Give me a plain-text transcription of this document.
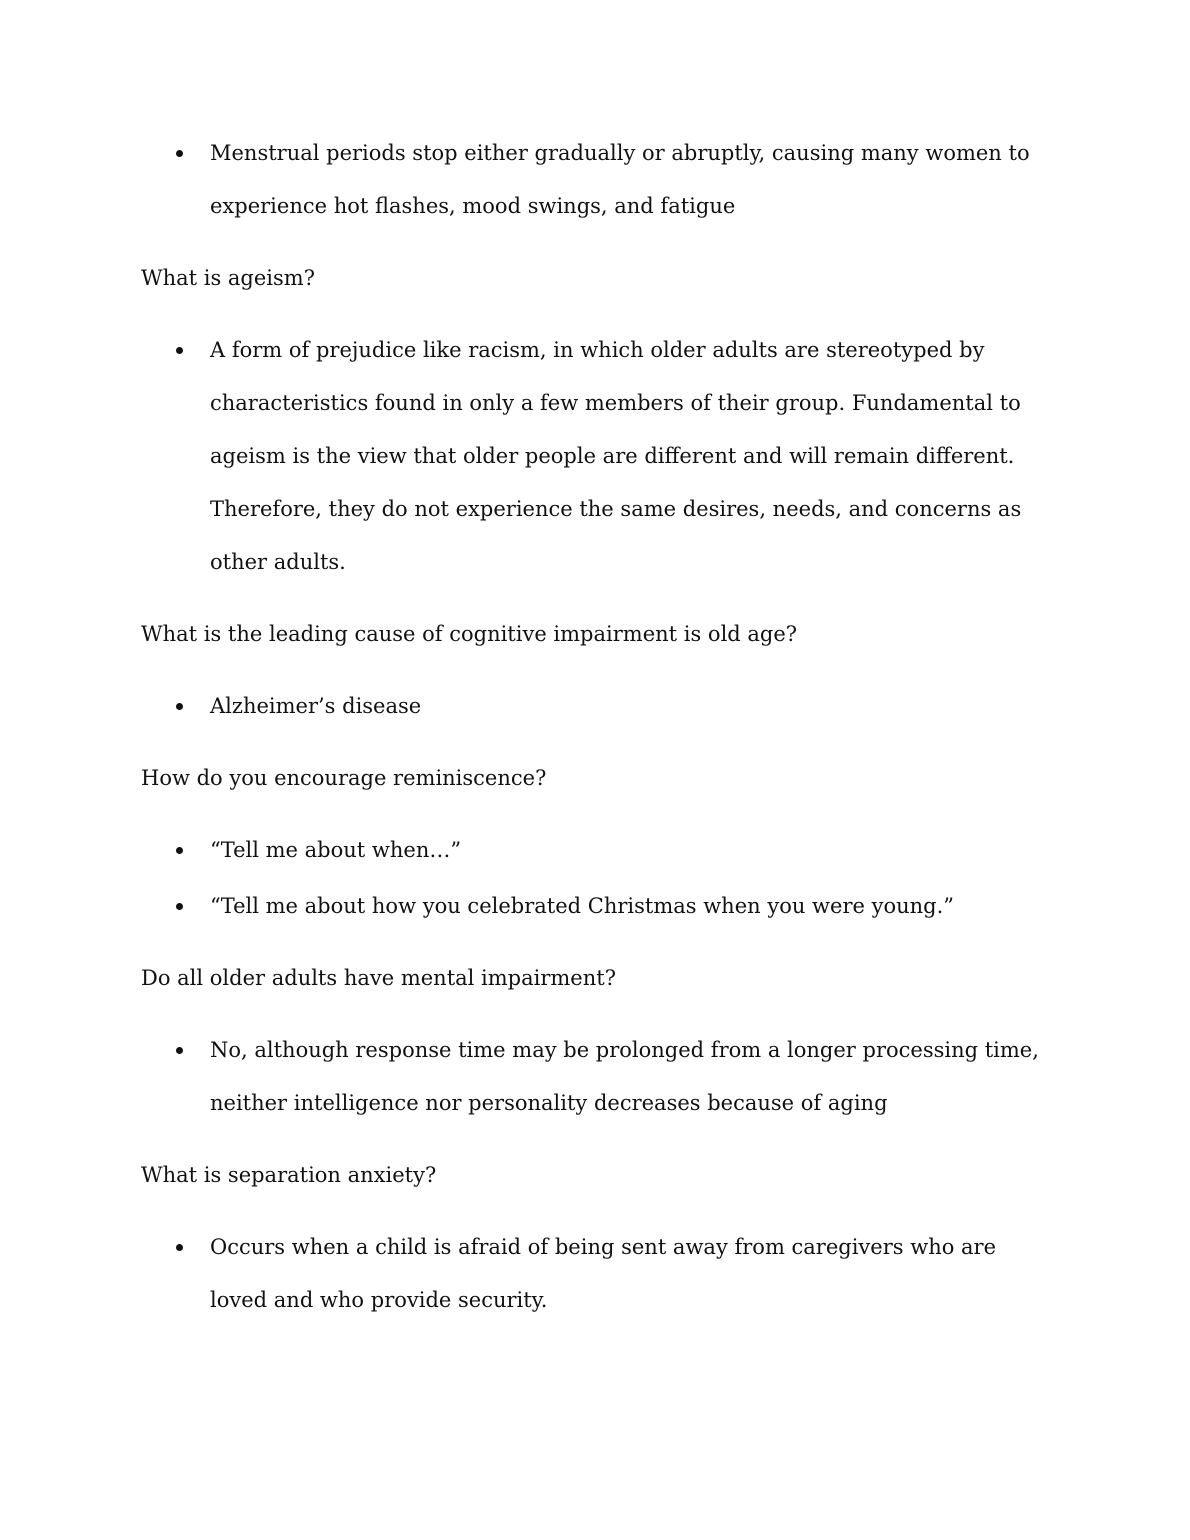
Menstrual periods stop either gradually or abruptly, causing many women to experience hot flashes, mood swings, and fatigue
What is ageism?
A form of prejudice like racism, in which older adults are stereotyped by characteristics found in only a few members of their group. Fundamental to ageism is the view that older people are different and will remain different. Therefore, they do not experience the same desires, needs, and concerns as other adults.
What is the leading cause of cognitive impairment is old age?
Alzheimer’s disease
How do you encourage reminiscence?
“Tell me about when…”
“Tell me about how you celebrated Christmas when you were young.”
Do all older adults have mental impairment?
No, although response time may be prolonged from a longer processing time, neither intelligence nor personality decreases because of aging
What is separation anxiety?
Occurs when a child is afraid of being sent away from caregivers who are loved and who provide security.
